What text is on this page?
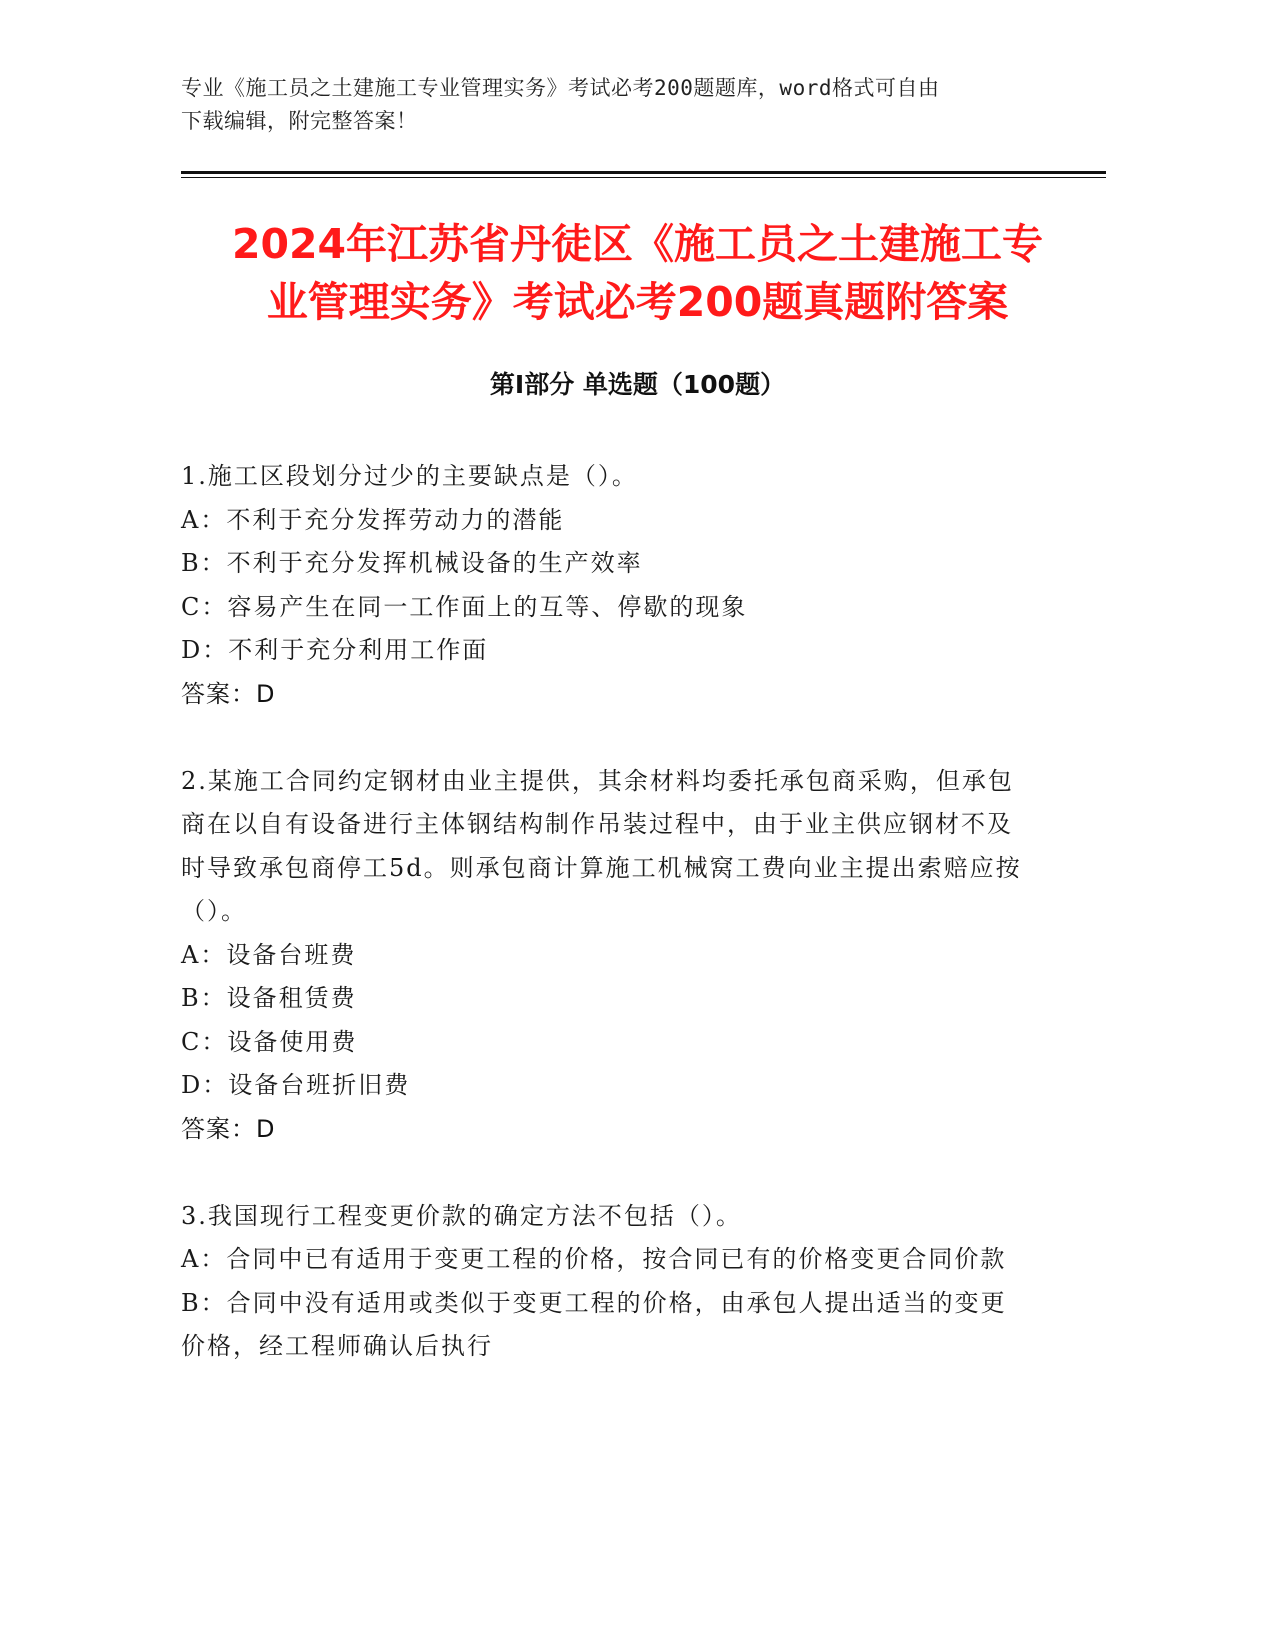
专业《施工员之土建施工专业管理实务》考试必考200题题库，word格式可自由
下载编辑，附完整答案！
2024年江苏省丹徒区《施工员之土建施工专
业管理实务》考试必考200题真题附答案
第Ⅰ部分 单选题（100题）
1.施工区段划分过少的主要缺点是（）。
A：不利于充分发挥劳动力的潜能
B：不利于充分发挥机械设备的生产效率
C：容易产生在同一工作面上的互等、停歇的现象
D：不利于充分利用工作面
答案：D
2.某施工合同约定钢材由业主提供，其余材料均委托承包商采购，但承包商在以自有设备进行主体钢结构制作吊装过程中，由于业主供应钢材不及时导致承包商停工5d。则承包商计算施工机械窝工费向业主提出索赔应按（）。
A：设备台班费
B：设备租赁费
C：设备使用费
D：设备台班折旧费
答案：D
3.我国现行工程变更价款的确定方法不包括（）。
A：合同中已有适用于变更工程的价格，按合同已有的价格变更合同价款
B：合同中没有适用或类似于变更工程的价格，由承包人提出适当的变更价格，经工程师确认后执行
